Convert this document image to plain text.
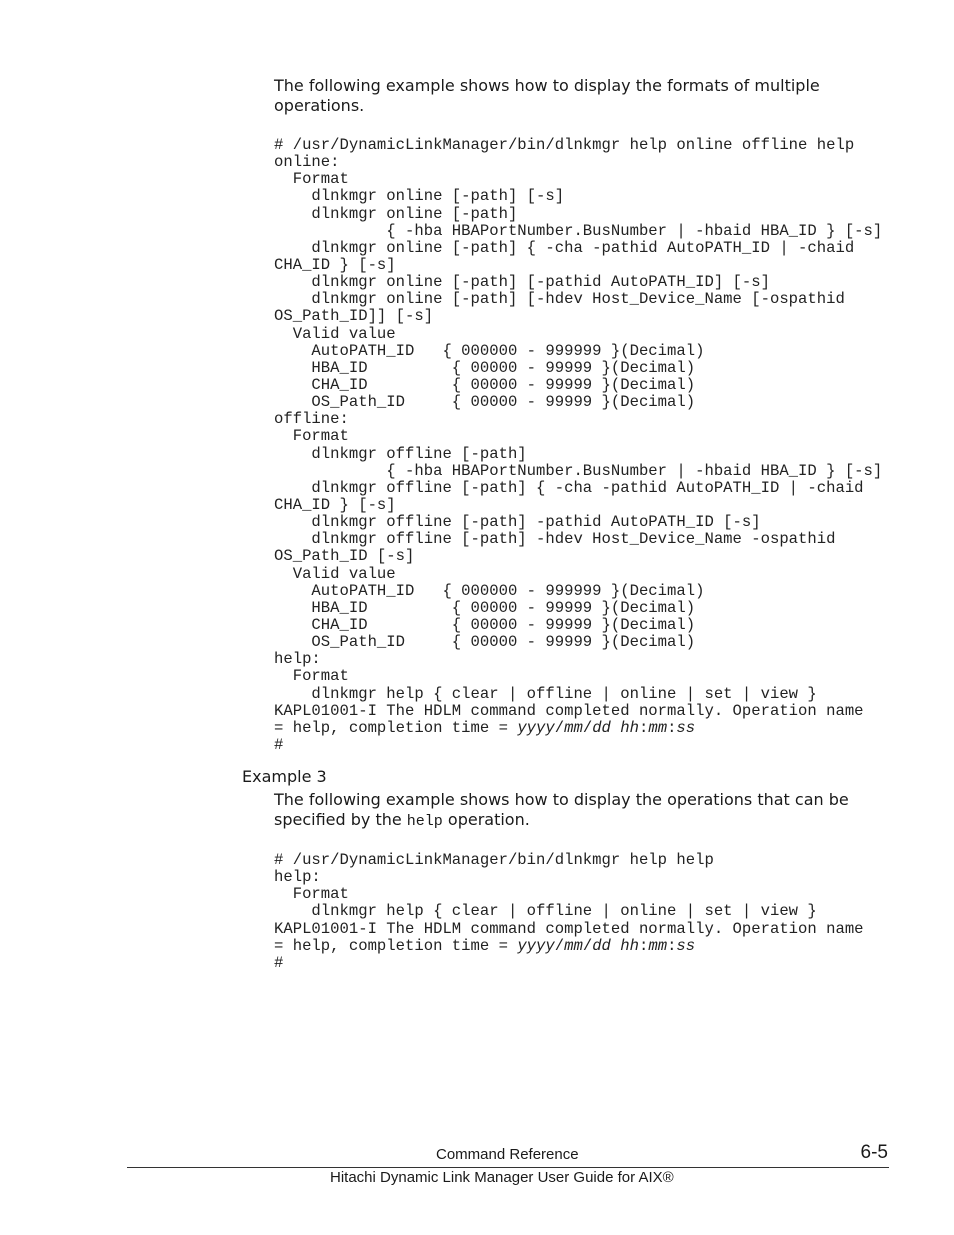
The following example shows how to display the formats of multiple operations.

# /usr/DynamicLinkManager/bin/dlnkmgr help online offline help
online:
Format
dlnkmgr online [-path] [-s]
dlnkmgr online [-path]
{ -hba HBAPortNumber.BusNumber | -hbaid HBA_ID } [-s]
dlnkmgr online [-path] { -cha -pathid AutoPATH_ID | -chaid
CHA_ID } [-s]
dlnkmgr online [-path] [-pathid AutoPATH_ID] [-s]
dlnkmgr online [-path] [-hdev Host_Device_Name [-ospathid
OS_Path_ID]] [-s]
Valid value
AutoPATH_ID   { 000000 - 999999 }(Decimal)
HBA_ID         { 00000 - 99999 }(Decimal)
CHA_ID         { 00000 - 99999 }(Decimal)
OS_Path_ID     { 00000 - 99999 }(Decimal)
offline:
Format
dlnkmgr offline [-path]
{ -hba HBAPortNumber.BusNumber | -hbaid HBA_ID } [-s]
dlnkmgr offline [-path] { -cha -pathid AutoPATH_ID | -chaid
CHA_ID } [-s]
dlnkmgr offline [-path] -pathid AutoPATH_ID [-s]
dlnkmgr offline [-path] -hdev Host_Device_Name -ospathid
OS_Path_ID [-s]
Valid value
AutoPATH_ID   { 000000 - 999999 }(Decimal)
HBA_ID         { 00000 - 99999 }(Decimal)
CHA_ID         { 00000 - 99999 }(Decimal)
OS_Path_ID     { 00000 - 99999 }(Decimal)
help:
Format
dlnkmgr help { clear | offline | online | set | view }
KAPL01001-I The HDLM command completed normally. Operation name
= help, completion time = yyyy/mm/dd hh:mm:ss
#

Example 3

The following example shows how to display the operations that can be specified by the help operation.

# /usr/DynamicLinkManager/bin/dlnkmgr help help
help:
Format
dlnkmgr help { clear | offline | online | set | view }
KAPL01001-I The HDLM command completed normally. Operation name
= help, completion time = yyyy/mm/dd hh:mm:ss
#
Command Reference	6-5
Hitachi Dynamic Link Manager User Guide for AIX®
